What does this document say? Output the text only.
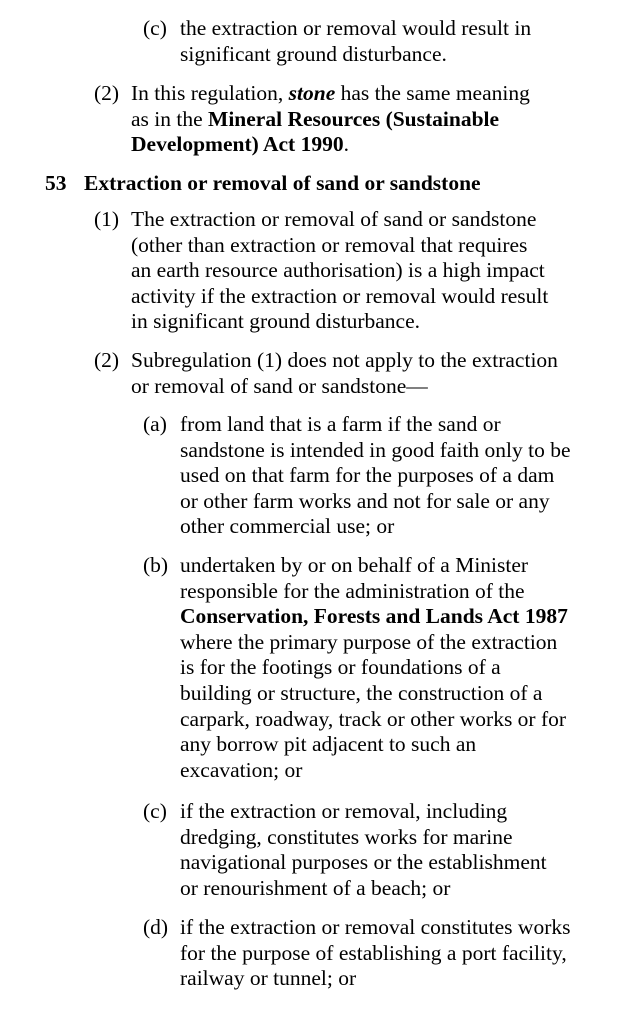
(c) the extraction or removal would result in
significant ground disturbance.
(2) In this regulation, stone has the same meaning
as in the Mineral Resources (Sustainable
Development) Act 1990.
53 Extraction or removal of sand or sandstone
(1) The extraction or removal of sand or sandstone
(other than extraction or removal that requires
an earth resource authorisation) is a high impact
activity if the extraction or removal would result
in significant ground disturbance.
(2) Subregulation (1) does not apply to the extraction
or removal of sand or sandstone—
(a) from land that is a farm if the sand or
sandstone is intended in good faith only to be
used on that farm for the purposes of a dam
or other farm works and not for sale or any
other commercial use; or
(b) undertaken by or on behalf of a Minister
responsible for the administration of the
Conservation, Forests and Lands Act 1987
where the primary purpose of the extraction
is for the footings or foundations of a
building or structure, the construction of a
carpark, roadway, track or other works or for
any borrow pit adjacent to such an
excavation; or
(c) if the extraction or removal, including
dredging, constitutes works for marine
navigational purposes or the establishment
or renourishment of a beach; or
(d) if the extraction or removal constitutes works
for the purpose of establishing a port facility,
railway or tunnel; or
